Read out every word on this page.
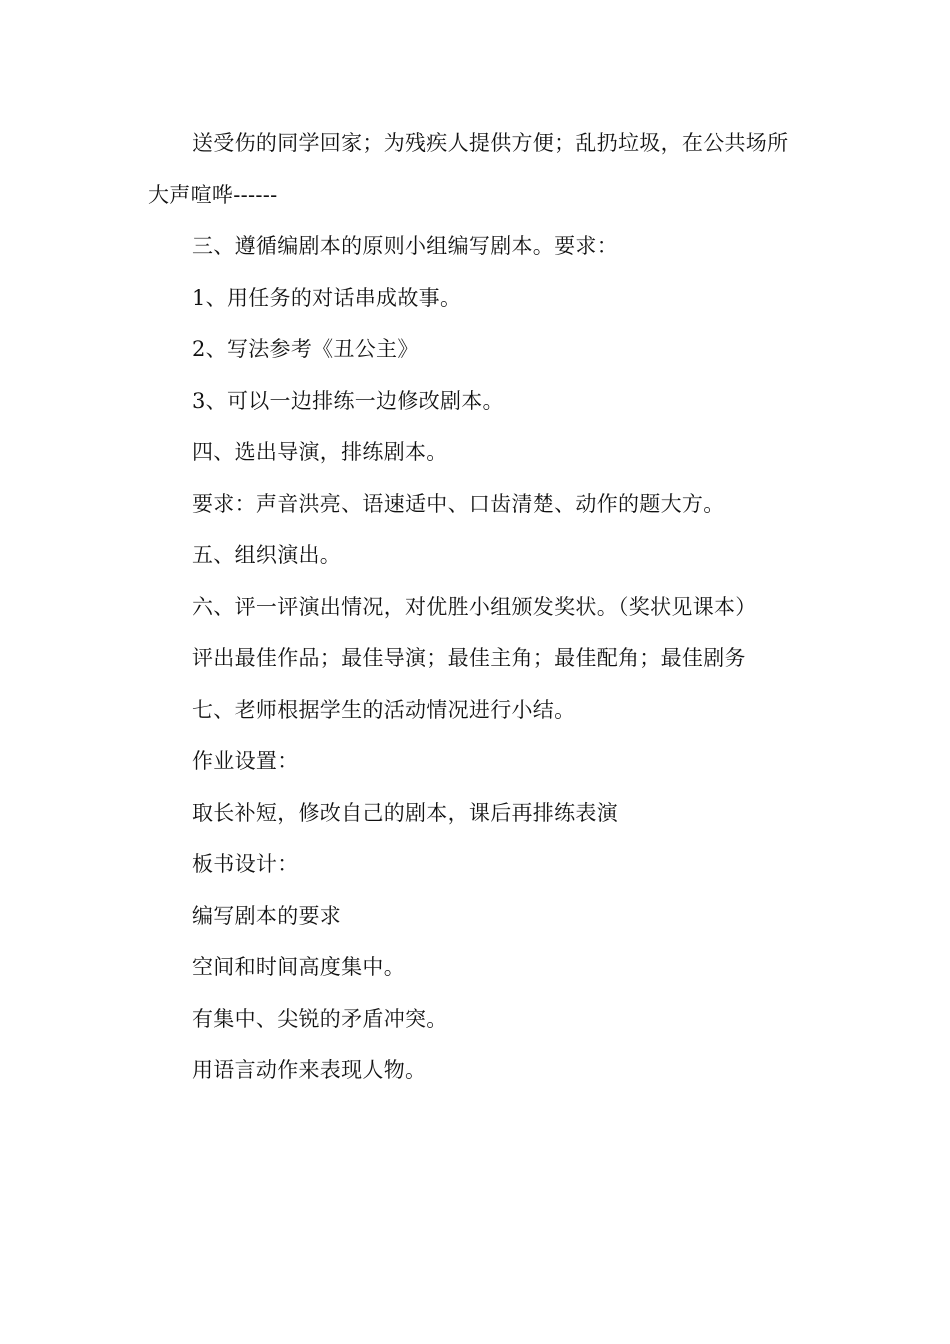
送受伤的同学回家；为残疾人提供方便；乱扔垃圾，在公共场所大声喧哗------

三、遵循编剧本的原则小组编写剧本。要求：

1、用任务的对话串成故事。

2、写法参考《丑公主》

3、可以一边排练一边修改剧本。

四、选出导演，排练剧本。

要求：声音洪亮、语速适中、口齿清楚、动作的题大方。

五、组织演出。

六、评一评演出情况，对优胜小组颁发奖状。（奖状见课本）

评出最佳作品；最佳导演；最佳主角；最佳配角；最佳剧务

七、老师根据学生的活动情况进行小结。

作业设置：

取长补短，修改自己的剧本，课后再排练表演

板书设计：

编写剧本的要求

空间和时间高度集中。

有集中、尖锐的矛盾冲突。

用语言动作来表现人物。
